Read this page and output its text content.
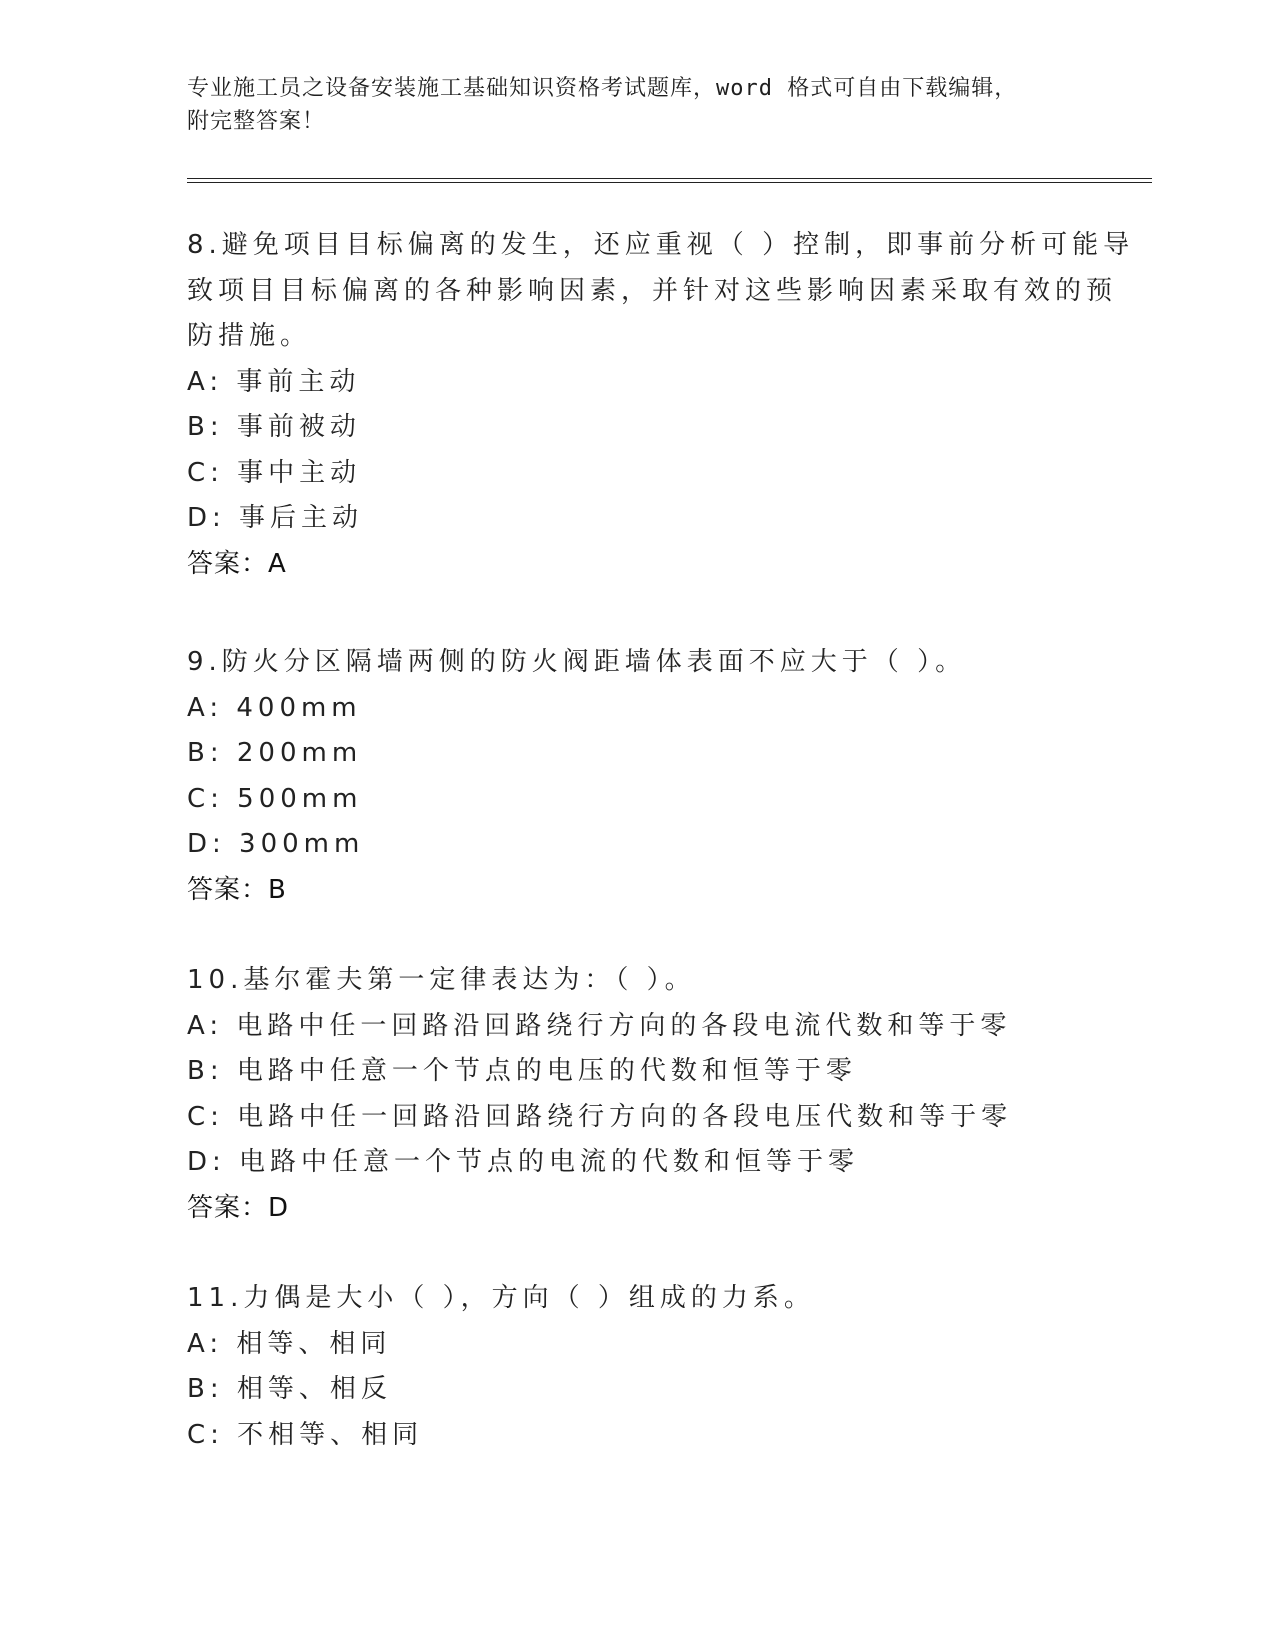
专业施工员之设备安装施工基础知识资格考试题库，word 格式可自由下载编辑，
附完整答案！
8.避免项目目标偏离的发生，还应重视（ ）控制，即事前分析可能导
致项目目标偏离的各种影响因素，并针对这些影响因素采取有效的预
防措施。
A: 事前主动
B: 事前被动
C: 事中主动
D: 事后主动
答案：A
9.防火分区隔墙两侧的防火阀距墙体表面不应大于（ ）。
A: 400mm
B: 200mm
C: 500mm
D: 300mm
答案：B
10.基尔霍夫第一定律表达为：（ ）。
A: 电路中任一回路沿回路绕行方向的各段电流代数和等于零
B: 电路中任意一个节点的电压的代数和恒等于零
C: 电路中任一回路沿回路绕行方向的各段电压代数和等于零
D: 电路中任意一个节点的电流的代数和恒等于零
答案：D
11.力偶是大小（ ），方向（ ）组成的力系。
A: 相等、相同
B: 相等、相反
C: 不相等、相同
